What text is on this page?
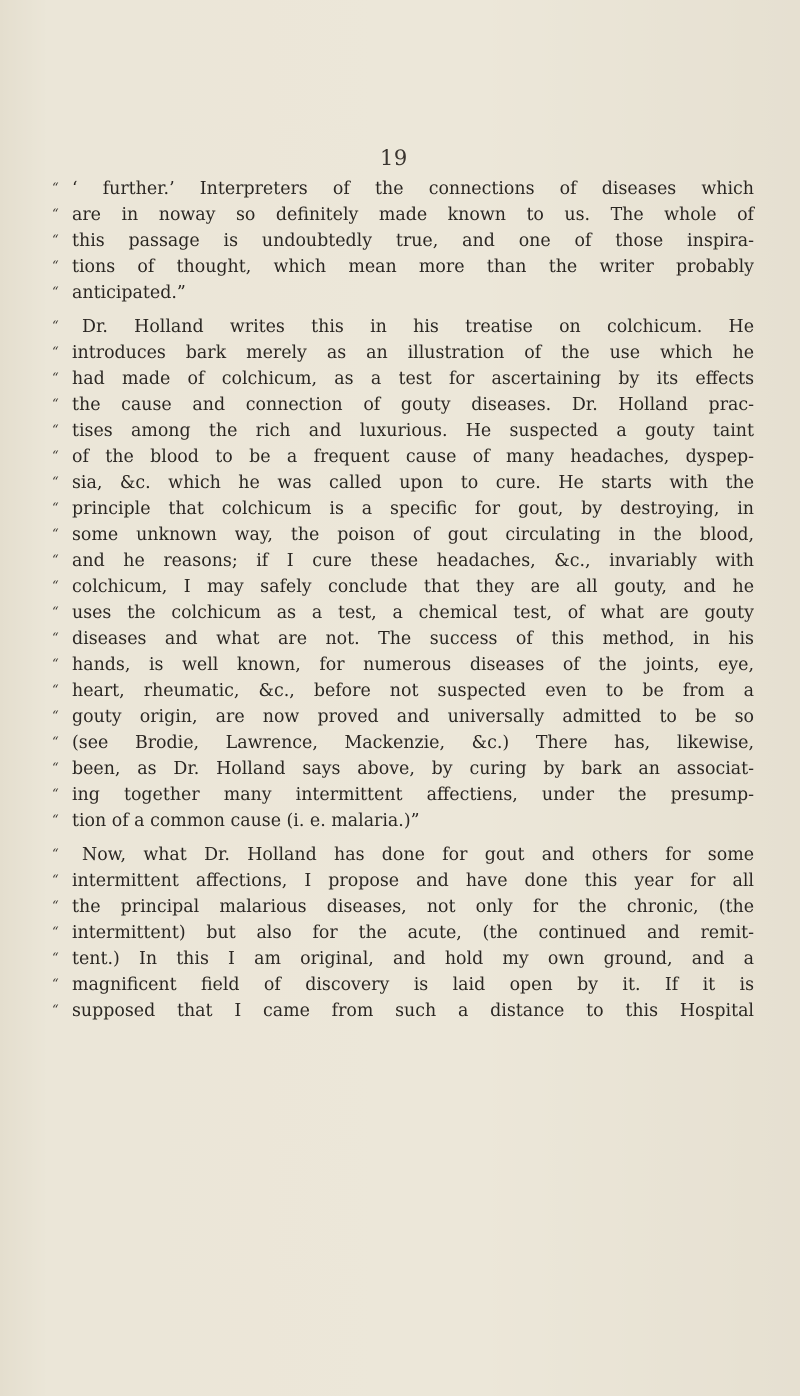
19
“ ‘ further.’ Interpreters of the connections of diseases which
“ are in noway so definitely made known to us. The whole of
“ this passage is undoubtedly true, and one of those inspira-
“ tions of thought, which mean more than the writer probably
“ anticipated.”
“ Dr. Holland writes this in his treatise on colchicum. He
“ introduces bark merely as an illustration of the use which he
“ had made of colchicum, as a test for ascertaining by its effects
“ the cause and connection of gouty diseases. Dr. Holland prac-
“ tises among the rich and luxurious. He suspected a gouty taint
“ of the blood to be a frequent cause of many headaches, dyspep-
“ sia, &c. which he was called upon to cure. He starts with the
“ principle that colchicum is a specific for gout, by destroying, in
“ some unknown way, the poison of gout circulating in the blood,
“ and he reasons; if I cure these headaches, &c., invariably with
“ colchicum, I may safely conclude that they are all gouty, and he
“ uses the colchicum as a test, a chemical test, of what are gouty
“ diseases and what are not. The success of this method, in his
“ hands, is well known, for numerous diseases of the joints, eye,
“ heart, rheumatic, &c., before not suspected even to be from a
“ gouty origin, are now proved and universally admitted to be so
“ (see Brodie, Lawrence, Mackenzie, &c.) There has, likewise,
“ been, as Dr. Holland says above, by curing by bark an associat-
“ ing together many intermittent affectiens, under the presump-
“ tion of a common cause (i. e. malaria.)”
“ Now, what Dr. Holland has done for gout and others for some
“ intermittent affections, I propose and have done this year for all
“ the principal malarious diseases, not only for the chronic, (the
“ intermittent) but also for the acute, (the continued and remit-
“ tent.) In this I am original, and hold my own ground, and a
“ magnificent field of discovery is laid open by it. If it is
“ supposed that I came from such a distance to this Hospital
